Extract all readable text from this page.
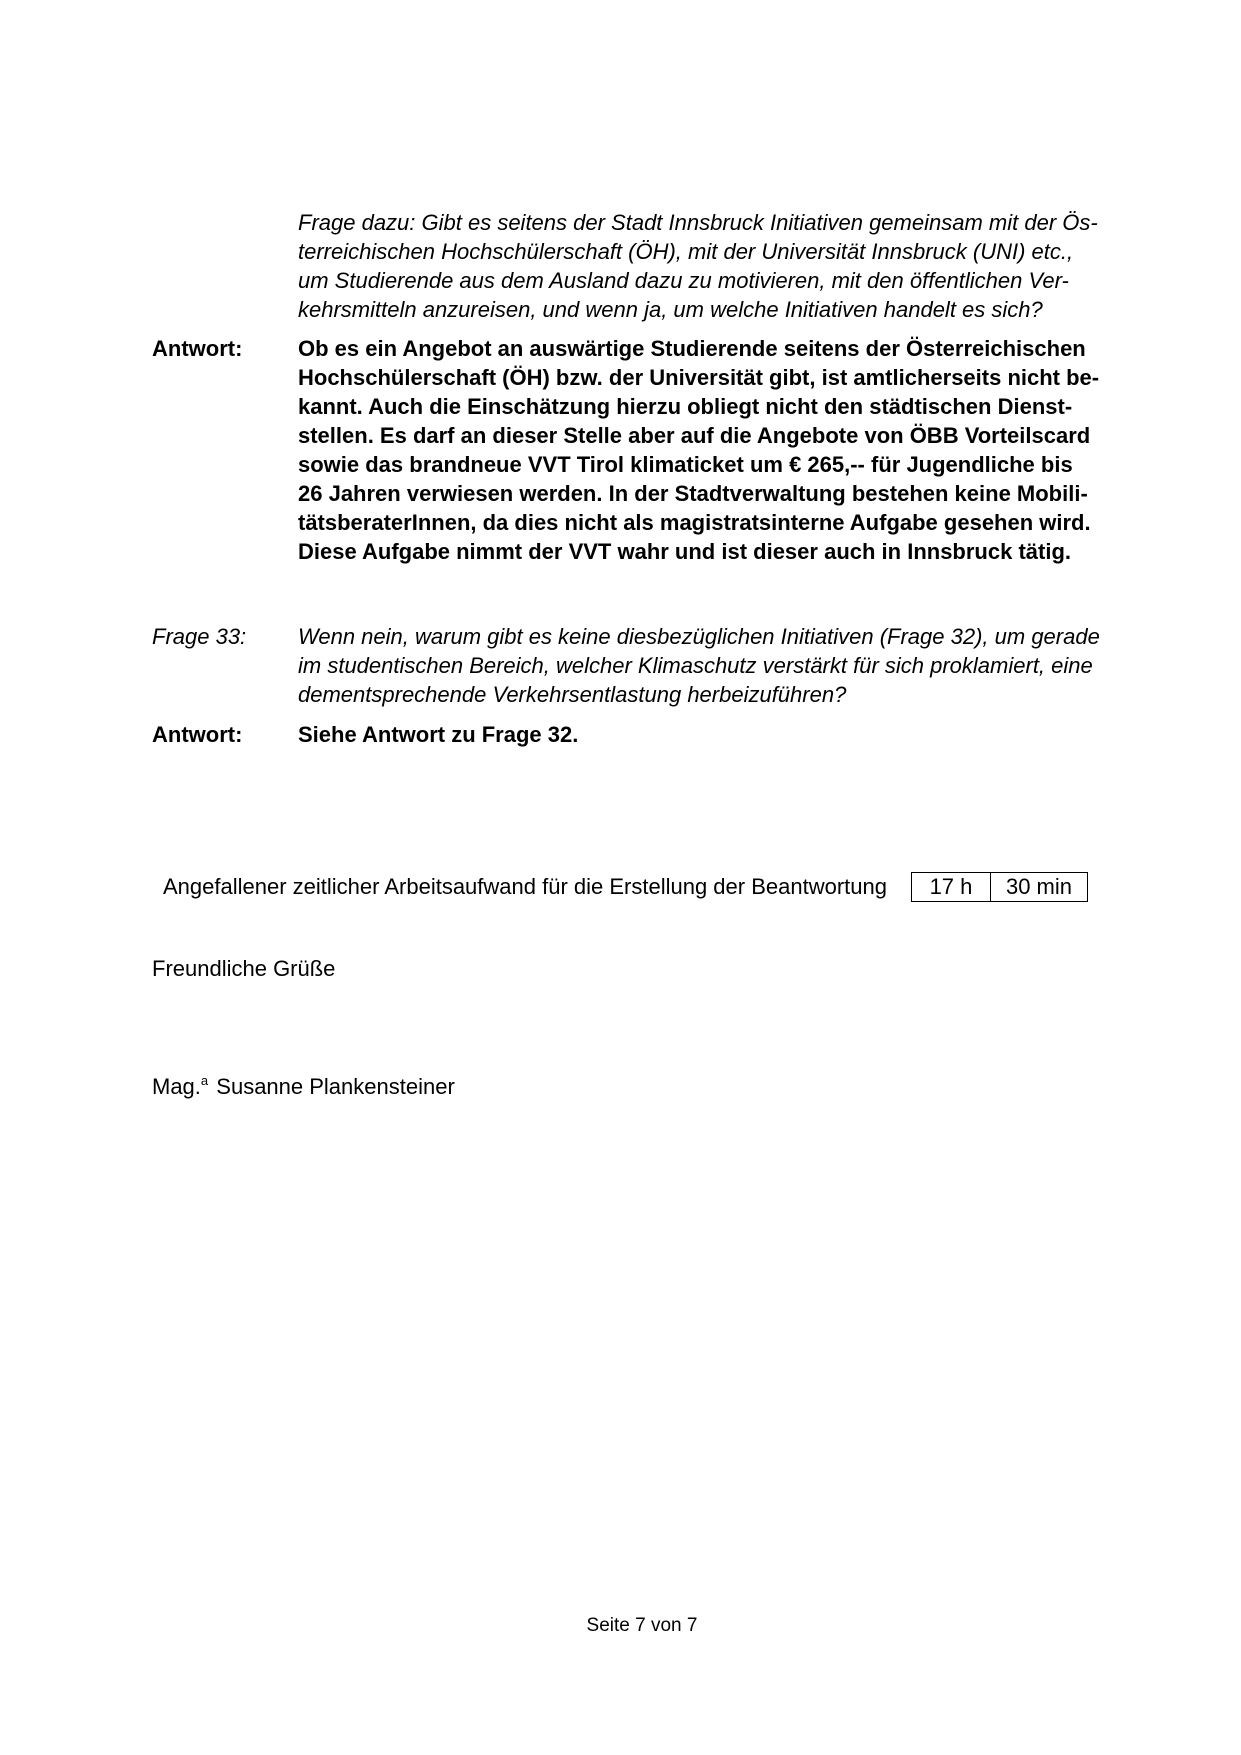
Frage dazu: Gibt es seitens der Stadt Innsbruck Initiativen gemeinsam mit der Ös-
terreichischen Hochschülerschaft (ÖH), mit der Universität Innsbruck (UNI) etc.,
um Studierende aus dem Ausland dazu zu motivieren, mit den öffentlichen Ver-
kehrsmitteln anzureisen, und wenn ja, um welche Initiativen handelt es sich?
Antwort:	Ob es ein Angebot an auswärtige Studierende seitens der Österreichischen
Hochschülerschaft (ÖH) bzw. der Universität gibt, ist amtlicherseits nicht be-
kannt. Auch die Einschätzung hierzu obliegt nicht den städtischen Dienst-
stellen. Es darf an dieser Stelle aber auf die Angebote von ÖBB Vorteilscard
sowie das brandneue VVT Tirol klimaticket um € 265,-- für Jugendliche bis
26 Jahren verwiesen werden. In der Stadtverwaltung bestehen keine Mobili-
tätsberaterInnen, da dies nicht als magistratsinterne Aufgabe gesehen wird.
Diese Aufgabe nimmt der VVT wahr und ist dieser auch in Innsbruck tätig.
Frage 33:	Wenn nein, warum gibt es keine diesbezüglichen Initiativen (Frage 32), um gerade
im studentischen Bereich, welcher Klimaschutz verstärkt für sich proklamiert, eine
dementsprechende Verkehrsentlastung herbeizuführen?
Antwort:	Siehe Antwort zu Frage 32.
Angefallener zeitlicher Arbeitsaufwand für die Erstellung der Beantwortung 17 h	30 min
Freundliche Grüße
Mag.$^a$ Susanne Plankensteiner
Seite 7 von 7
